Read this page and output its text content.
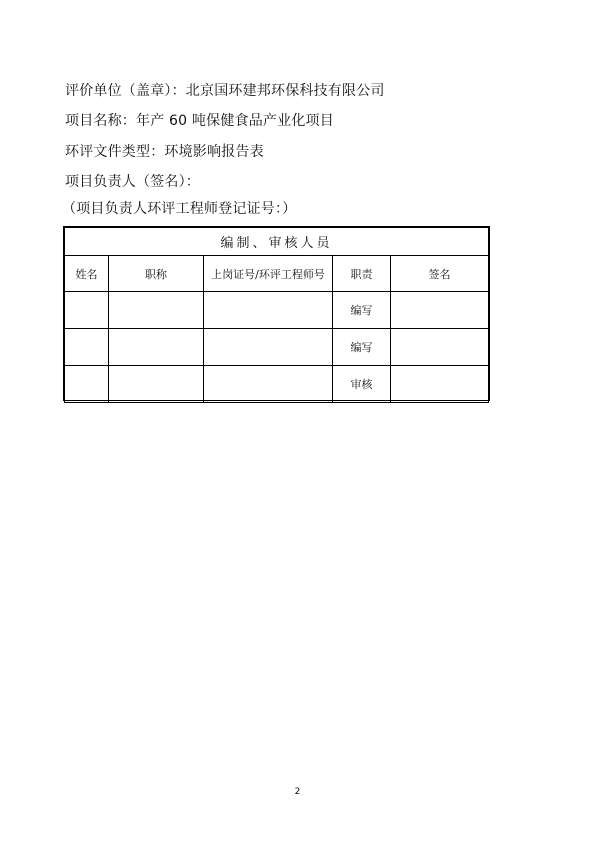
评价单位（盖章）：北京国环建邦环保科技有限公司
项目名称：年产 60 吨保健食品产业化项目
环评文件类型：环境影响报告表
项目负责人（签名）：
（项目负责人环评工程师登记证号：）
编制、审核人员				
姓名	职称	上岗证号/环评工程师号	职责	签名
			编写	
			编写	
			审核	
2
